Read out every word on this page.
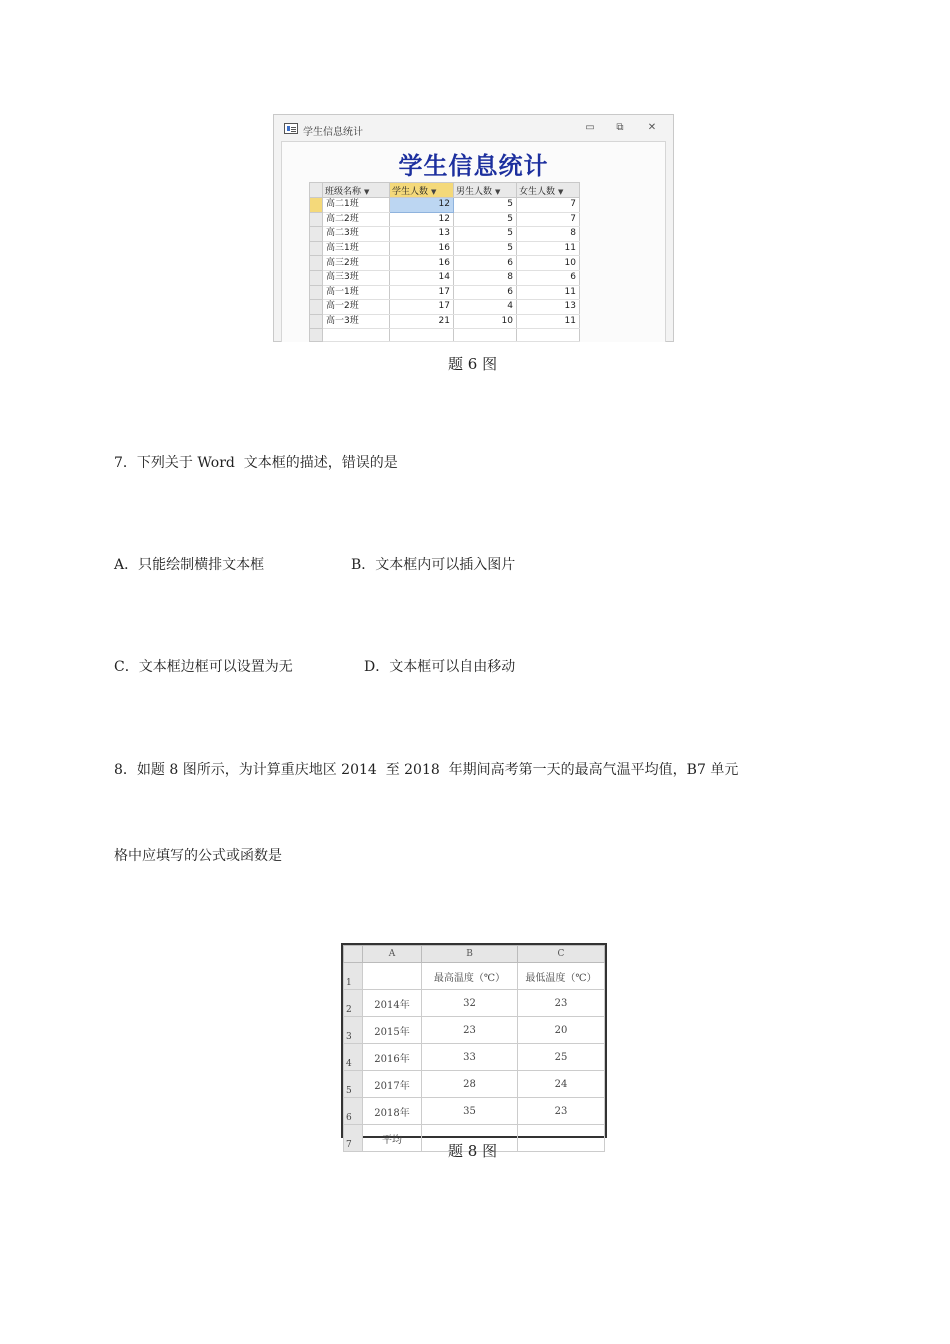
学生信息统计	▭	⧉	✕
学生信息统计
	班级名称 ▼	学生人数 ▼	男生人数 ▼	女生人数 ▼
	高二1班	12	5	7
	高二2班	12	5	7
	高二3班	13	5	8
	高三1班	16	5	11
	高三2班	16	6	10
	高三3班	14	8	6
	高一1班	17	6	11
	高一2班	17	4	13
	高一3班	21	10	11

题 6 图
7．下列关于 Word  文本框的描述，错误的是
A．只能绘制横排文本框	B．文本框内可以插入图片
C．文本框边框可以设置为无	D．文本框可以自由移动
8．如题 8 图所示，为计算重庆地区 2014  至 2018  年期间高考第一天的最高气温平均值，B7 单元
格中应填写的公式或函数是
	A	B	C
1		最高温度（℃）	最低温度（℃）
2	2014年	32	23
3	2015年	23	20
4	2016年	33	25
5	2017年	28	24
6	2018年	35	23
7	平均		
题 8 图
